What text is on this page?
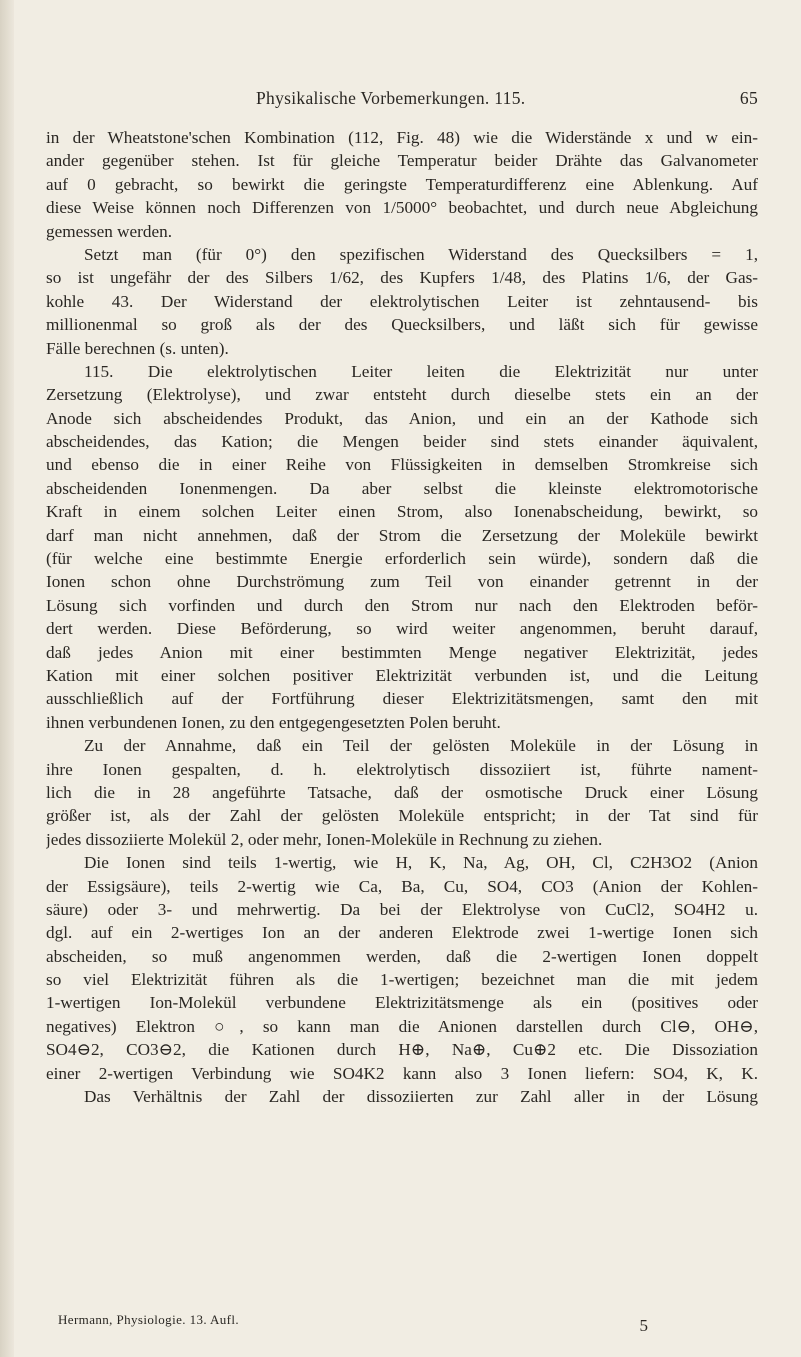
Physikalische Vorbemerkungen. 115.	65
in der Wheatstone'schen Kombination (112, Fig. 48) wie die Widerstände x und w ein-
ander gegenüber stehen. Ist für gleiche Temperatur beider Drähte das Galvanometer
auf 0 gebracht, so bewirkt die geringste Temperaturdifferenz eine Ablenkung. Auf
diese Weise können noch Differenzen von 1/5000° beobachtet, und durch neue Abgleichung
gemessen werden.
Setzt man (für 0°) den spezifischen Widerstand des Quecksilbers = 1,
so ist ungefähr der des Silbers 1/62, des Kupfers 1/48, des Platins 1/6, der Gas-
kohle 43. Der Widerstand der elektrolytischen Leiter ist zehntausend- bis
millionenmal so groß als der des Quecksilbers, und läßt sich für gewisse
Fälle berechnen (s. unten).
115. Die elektrolytischen Leiter leiten die Elektrizität nur unter
Zersetzung (Elektrolyse), und zwar entsteht durch dieselbe stets ein an der
Anode sich abscheidendes Produkt, das Anion, und ein an der Kathode sich
abscheidendes, das Kation; die Mengen beider sind stets einander äquivalent,
und ebenso die in einer Reihe von Flüssigkeiten in demselben Stromkreise sich
abscheidenden Ionenmengen. Da aber selbst die kleinste elektromotorische
Kraft in einem solchen Leiter einen Strom, also Ionenabscheidung, bewirkt, so
darf man nicht annehmen, daß der Strom die Zersetzung der Moleküle bewirkt
(für welche eine bestimmte Energie erforderlich sein würde), sondern daß die
Ionen schon ohne Durchströmung zum Teil von einander getrennt in der
Lösung sich vorfinden und durch den Strom nur nach den Elektroden beför-
dert werden. Diese Beförderung, so wird weiter angenommen, beruht darauf,
daß jedes Anion mit einer bestimmten Menge negativer Elektrizität, jedes
Kation mit einer solchen positiver Elektrizität verbunden ist, und die Leitung
ausschließlich auf der Fortführung dieser Elektrizitätsmengen, samt den mit
ihnen verbundenen Ionen, zu den entgegengesetzten Polen beruht.
Zu der Annahme, daß ein Teil der gelösten Moleküle in der Lösung in
ihre Ionen gespalten, d. h. elektrolytisch dissoziiert ist, führte nament-
lich die in 28 angeführte Tatsache, daß der osmotische Druck einer Lösung
größer ist, als der Zahl der gelösten Moleküle entspricht; in der Tat sind für
jedes dissoziierte Molekül 2, oder mehr, Ionen-Moleküle in Rechnung zu ziehen.
Die Ionen sind teils 1-wertig, wie H, K, Na, Ag, OH, Cl, C2H3O2 (Anion
der Essigsäure), teils 2-wertig wie Ca, Ba, Cu, SO4, CO3 (Anion der Kohlen-
säure) oder 3- und mehrwertig. Da bei der Elektrolyse von CuCl2, SO4H2 u.
dgl. auf ein 2-wertiges Ion an der anderen Elektrode zwei 1-wertige Ionen sich
abscheiden, so muß angenommen werden, daß die 2-wertigen Ionen doppelt
so viel Elektrizität führen als die 1-wertigen; bezeichnet man die mit jedem
1-wertigen Ion-Molekül verbundene Elektrizitätsmenge als ein (positives oder
negatives) Elektron ○, so kann man die Anionen darstellen durch Cl⊖, OH⊖,
SO4⊖2, CO3⊖2, die Kationen durch H⊕, Na⊕, Cu⊕2 etc. Die Dissoziation
einer 2-wertigen Verbindung wie SO4K2 kann also 3 Ionen liefern: SO4, K, K.
Das Verhältnis der Zahl der dissoziierten zur Zahl aller in der Lösung
Hermann, Physiologie. 13. Aufl.	5
